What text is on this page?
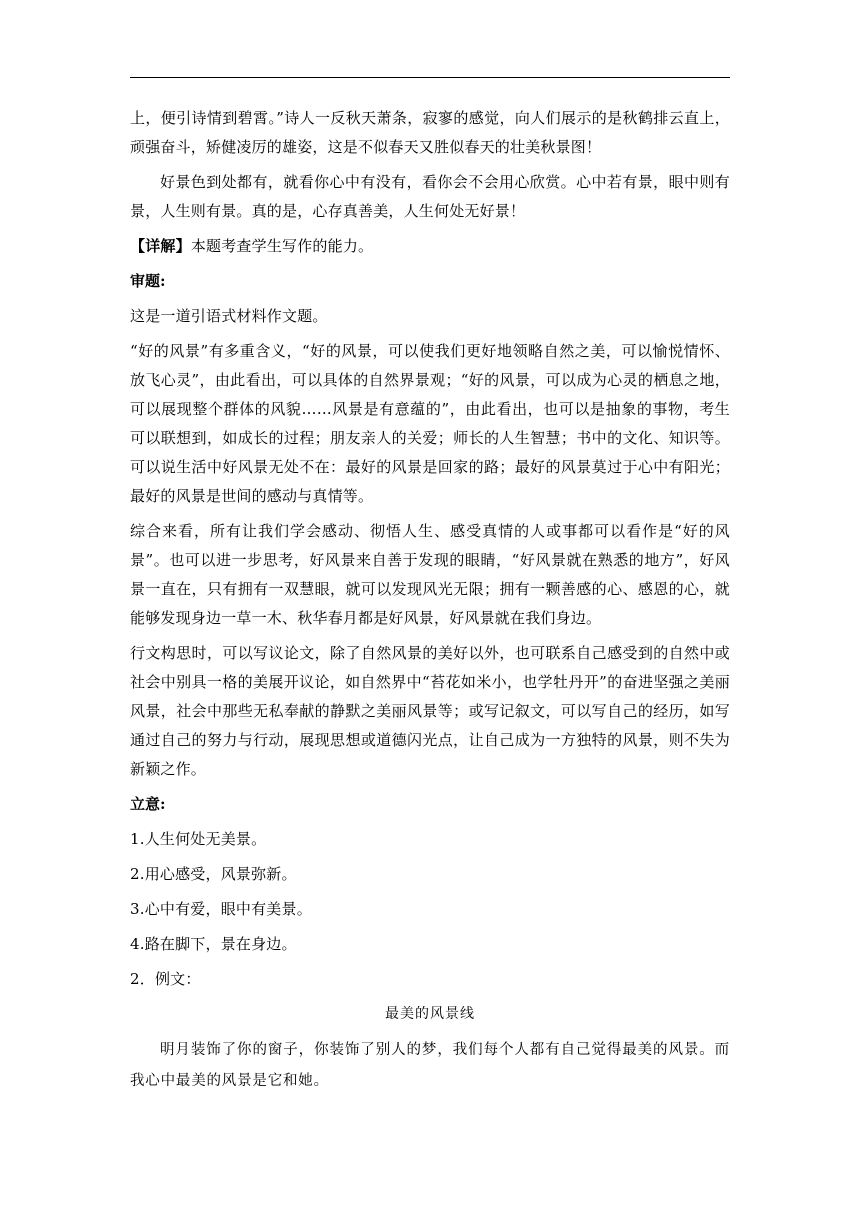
上，便引诗情到碧霄。”诗人一反秋天萧条，寂寥的感觉，向人们展示的是秋鹤排云直上，顽强奋斗，矫健凌厉的雄姿，这是不似春天又胜似春天的壮美秋景图！

好景色到处都有，就看你心中有没有，看你会不会用心欣赏。心中若有景，眼中则有景，人生则有景。真的是，心存真善美，人生何处无好景！

【详解】本题考查学生写作的能力。

审题:

这是一道引语式材料作文题。

“好的风景”有多重含义，“好的风景，可以使我们更好地领略自然之美，可以愉悦情怀、放飞心灵”，由此看出，可以具体的自然界景观；“好的风景，可以成为心灵的栖息之地，可以展现整个群体的风貌……风景是有意蕴的”，由此看出，也可以是抽象的事物，考生可以联想到，如成长的过程；朋友亲人的关爱；师长的人生智慧；书中的文化、知识等。可以说生活中好风景无处不在：最好的风景是回家的路；最好的风景莫过于心中有阳光；最好的风景是世间的感动与真情等。

综合来看，所有让我们学会感动、彻悟人生、感受真情的人或事都可以看作是“好的风景”。也可以进一步思考，好风景来自善于发现的眼睛，“好风景就在熟悉的地方”，好风景一直在，只有拥有一双慧眼，就可以发现风光无限；拥有一颗善感的心、感恩的心，就能够发现身边一草一木、秋华春月都是好风景，好风景就在我们身边。

行文构思时，可以写议论文，除了自然风景的美好以外，也可联系自己感受到的自然中或社会中别具一格的美展开议论，如自然界中“苔花如米小，也学牡丹开”的奋进坚强之美丽风景，社会中那些无私奉献的静默之美丽风景等；或写记叙文，可以写自己的经历，如写通过自己的努力与行动，展现思想或道德闪光点，让自己成为一方独特的风景，则不失为新颖之作。

立意:

1.人生何处无美景。

2.用心感受，风景弥新。

3.心中有爱，眼中有美景。

4.路在脚下，景在身边。

2．例文：

最美的风景线

明月装饰了你的窗子，你装饰了别人的梦，我们每个人都有自己觉得最美的风景。而我心中最美的风景是它和她。
